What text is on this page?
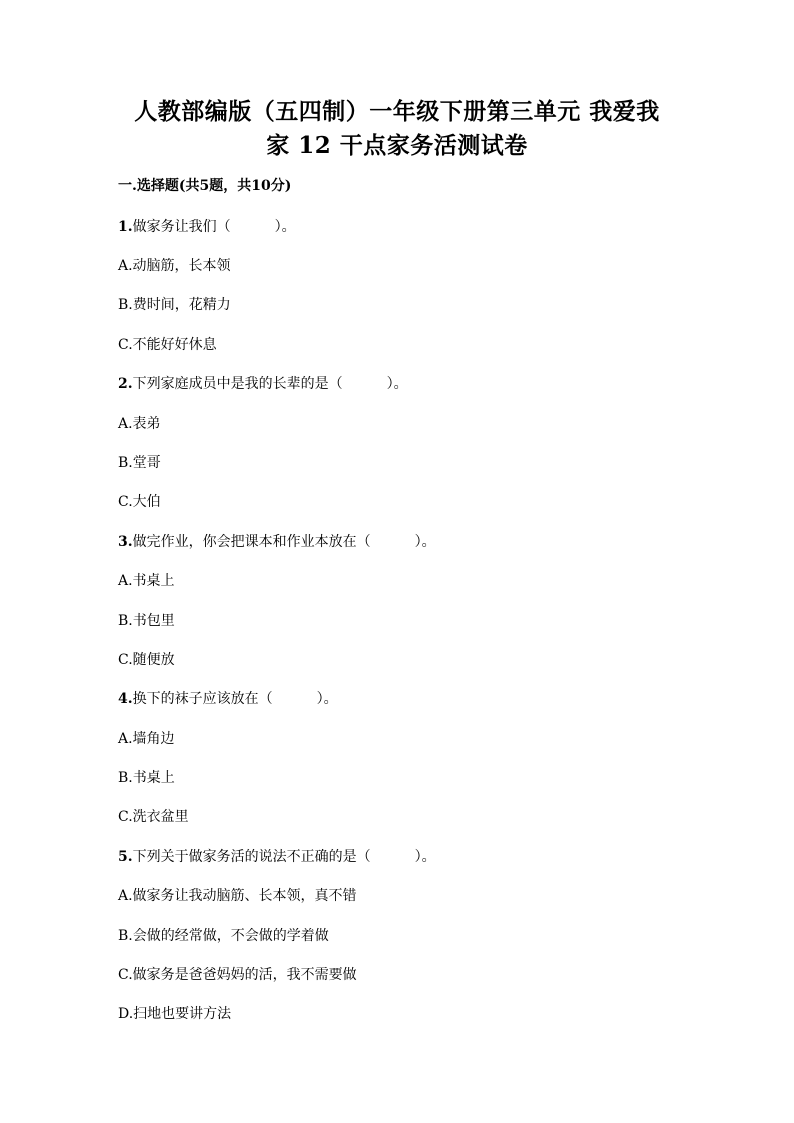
人教部编版（五四制）一年级下册第三单元 我爱我
家 12 干点家务活测试卷
一.选择题(共5题，共10分)
1.做家务让我们（	）。
A.动脑筋，长本领
B.费时间，花精力
C.不能好好休息
2.下列家庭成员中是我的长辈的是（	）。
A.表弟
B.堂哥
C.大伯
3.做完作业，你会把课本和作业本放在（	）。
A.书桌上
B.书包里
C.随便放
4.换下的袜子应该放在（	）。
A.墙角边
B.书桌上
C.洗衣盆里
5.下列关于做家务活的说法不正确的是（	）。
A.做家务让我动脑筋、长本领，真不错
B.会做的经常做，不会做的学着做
C.做家务是爸爸妈妈的活，我不需要做
D.扫地也要讲方法
